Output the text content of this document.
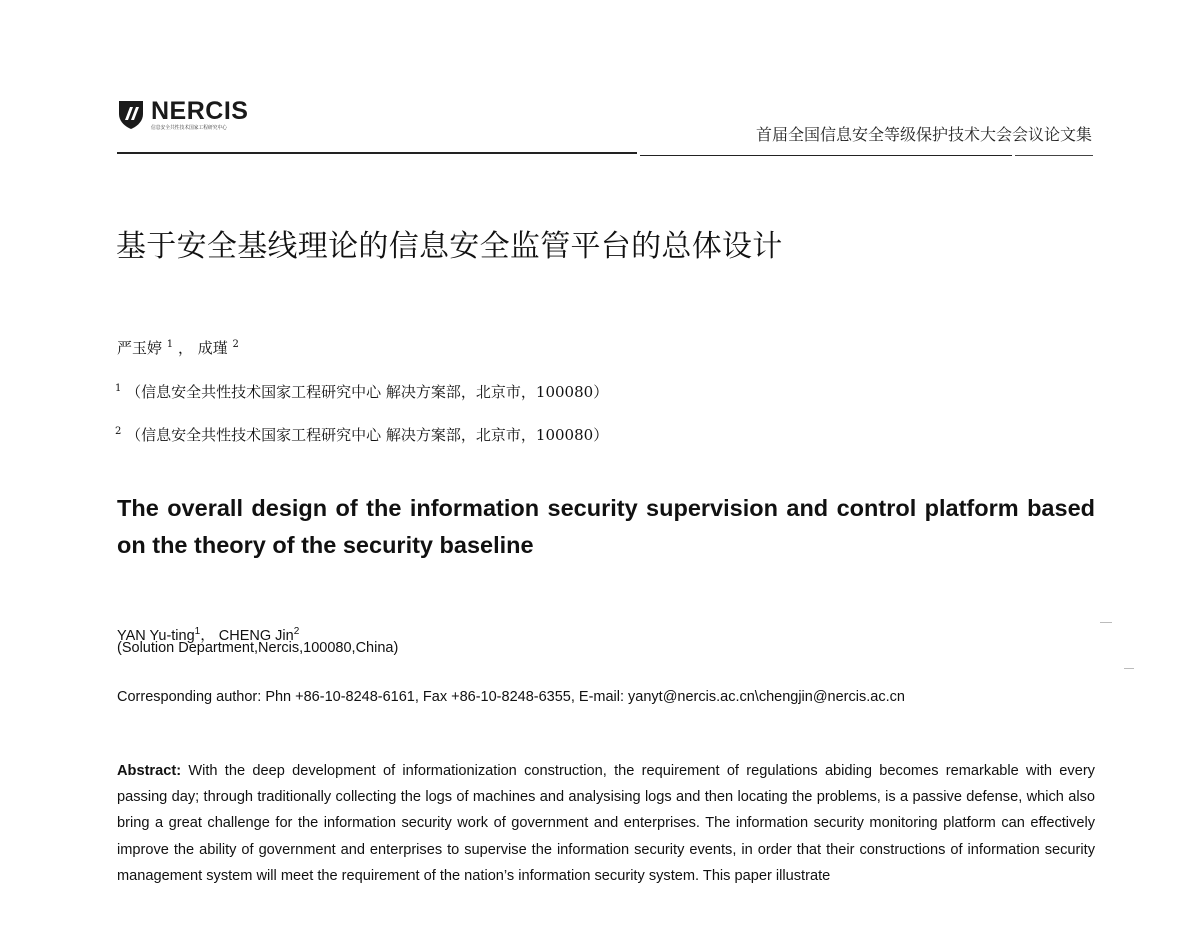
NERCIS
信息安全共性技术国家工程研究中心	首届全国信息安全等级保护技术大会会议论文集
基于安全基线理论的信息安全监管平台的总体设计
严玉婷 $^1$ ， 成瑾 $^2$
$^1$ （信息安全共性技术国家工程研究中心 解决方案部，北京市，100080）
$^2$ （信息安全共性技术国家工程研究中心 解决方案部，北京市，100080）
The overall design of the information security supervision and control platform based on the theory of the security baseline
YAN Yu-ting$^1$， CHENG Jin$^2$
(Solution Department,Nercis,100080,China)
Corresponding author: Phn +86-10-8248-6161, Fax +86-10-8248-6355, E-mail: yanyt@nercis.ac.cn\chengjin@nercis.ac.cn
Abstract: With the deep development of informationization construction, the requirement of regulations abiding becomes remarkable with every passing day; through traditionally collecting the logs of machines and analysising logs and then locating the problems, is a passive defense, which also bring a great challenge for the information security work of government and enterprises. The information security monitoring platform can effectively improve the ability of government and enterprises to supervise the information security events, in order that their constructions of information security management system will meet the requirement of the nation’s information security system. This paper illustrate
